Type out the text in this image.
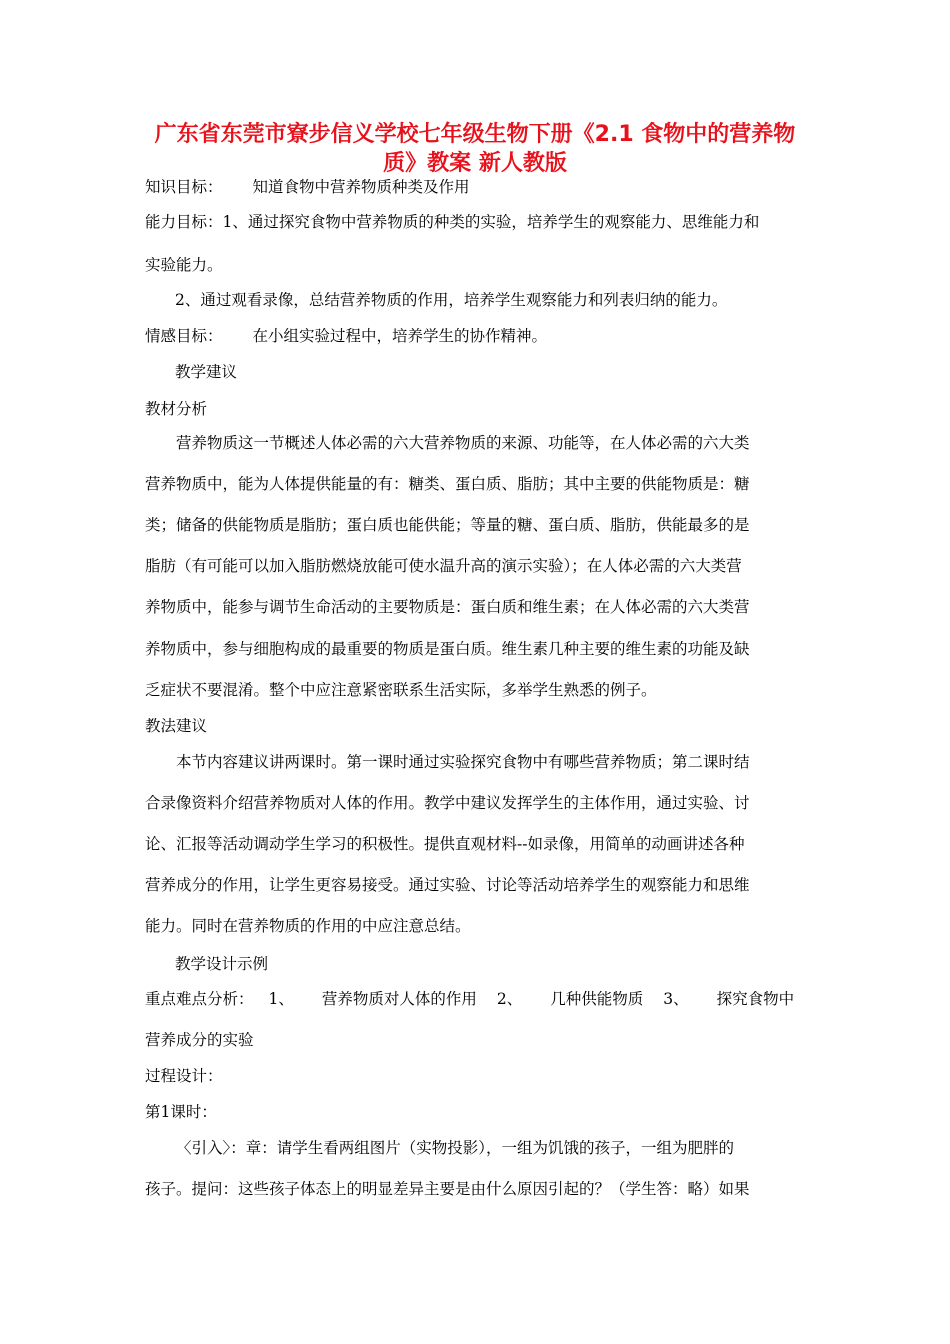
广东省东莞市寮步信义学校七年级生物下册《2.1 食物中的营养物
质》教案 新人教版
知识目标： 知道食物中营养物质种类及作用
能力目标：1、通过探究食物中营养物质的种类的实验，培养学生的观察能力、思维能力和
实验能力。
2、通过观看录像，总结营养物质的作用，培养学生观察能力和列表归纳的能力。
情感目标： 在小组实验过程中，培养学生的协作精神。
教学建议
教材分析
营养物质这一节概述人体必需的六大营养物质的来源、功能等，在人体必需的六大类
营养物质中，能为人体提供能量的有：糖类、蛋白质、脂肪；其中主要的供能物质是：糖
类；储备的供能物质是脂肪；蛋白质也能供能；等量的糖、蛋白质、脂肪，供能最多的是
脂肪（有可能可以加入脂肪燃烧放能可使水温升高的演示实验）；在人体必需的六大类营
养物质中，能参与调节生命活动的主要物质是：蛋白质和维生素；在人体必需的六大类营
养物质中，参与细胞构成的最重要的物质是蛋白质。维生素几种主要的维生素的功能及缺
乏症状不要混淆。整个中应注意紧密联系生活实际，多举学生熟悉的例子。
教法建议
本节内容建议讲两课时。第一课时通过实验探究食物中有哪些营养物质；第二课时结
合录像资料介绍营养物质对人体的作用。教学中建议发挥学生的主体作用，通过实验、讨
论、汇报等活动调动学生学习的积极性。提供直观材料--如录像，用简单的动画讲述各种
营养成分的作用，让学生更容易接受。通过实验、讨论等活动培养学生的观察能力和思维
能力。同时在营养物质的作用的中应注意总结。
教学设计示例
重点难点分析： 1、 营养物质对人体的作用 2、 几种供能物质 3、 探究食物中
营养成分的实验
过程设计：
第1课时：
〈引入〉：章：请学生看两组图片（实物投影），一组为饥饿的孩子，一组为肥胖的
孩子。提问：这些孩子体态上的明显差异主要是由什么原因引起的？（学生答：略）如果
